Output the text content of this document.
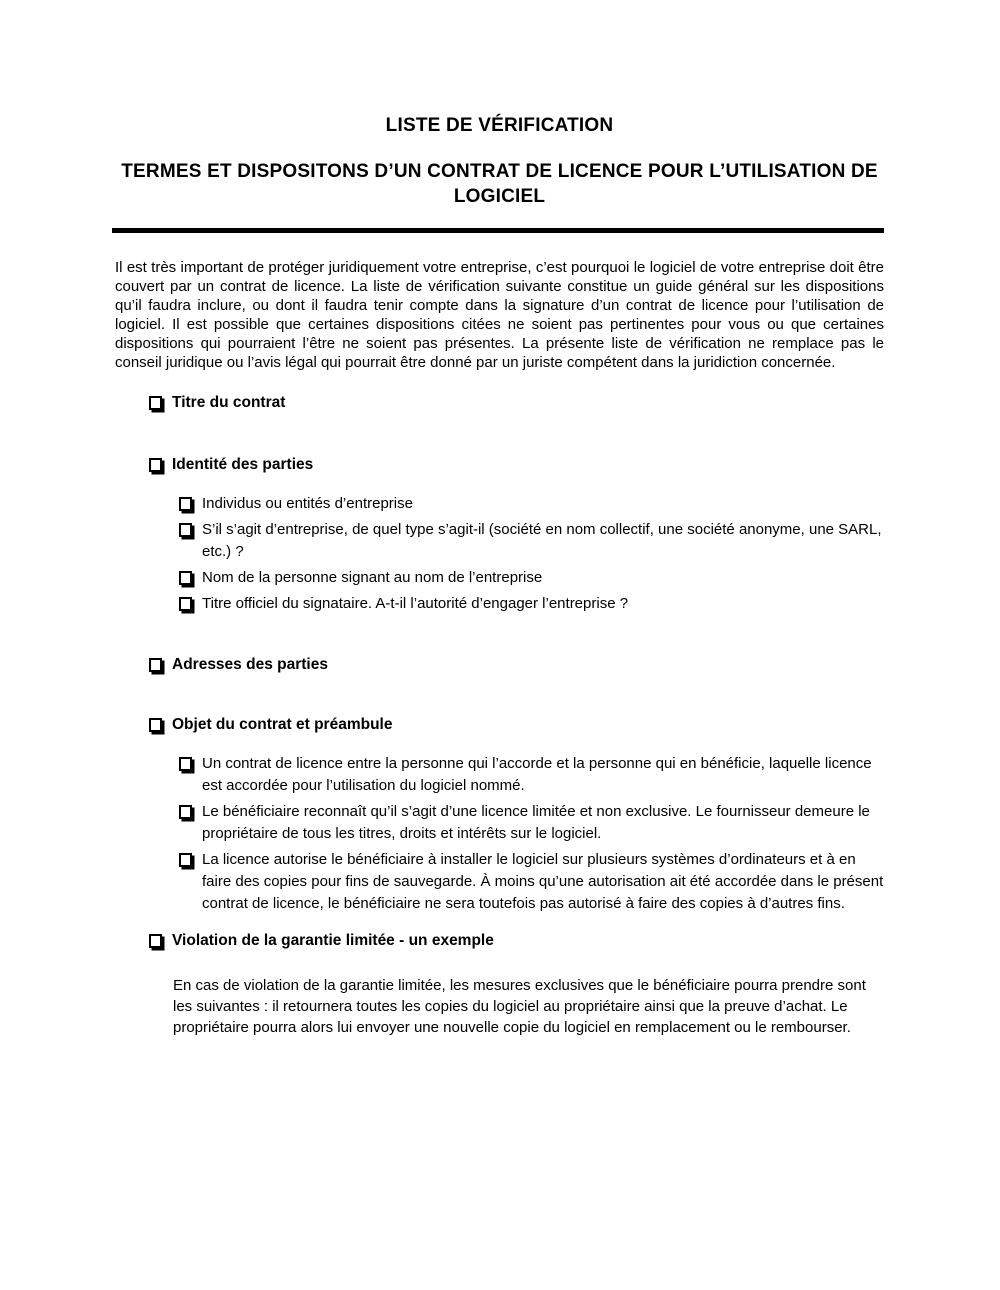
LISTE DE VÉRIFICATION
TERMES ET DISPOSITONS D’UN CONTRAT DE LICENCE POUR L’UTILISATION DE LOGICIEL

Il est très important de protéger juridiquement votre entreprise, c’est pourquoi le logiciel de votre entreprise doit être couvert par un contrat de licence. La liste de vérification suivante constitue un guide général sur les dispositions qu’il faudra inclure, ou dont il faudra tenir compte dans la signature d’un contrat de licence pour l’utilisation de logiciel. Il est possible que certaines dispositions citées ne soient pas pertinentes pour vous ou que certaines dispositions qui pourraient l’être ne soient pas présentes. La présente liste de vérification ne remplace pas le conseil juridique ou l’avis légal qui pourrait être donné par un juriste compétent dans la juridiction concernée.

Titre du contrat
Identité des parties
Individus ou entités d’entreprise
S’il s’agit d’entreprise, de quel type s’agit-il (société en nom collectif, une société anonyme, une SARL, etc.) ?
Nom de la personne signant au nom de l’entreprise
Titre officiel du signataire. A-t-il l’autorité d’engager l’entreprise ?
Adresses des parties
Objet du contrat et préambule
Un contrat de licence entre la personne qui l’accorde et la personne qui en bénéficie, laquelle licence est accordée pour l’utilisation du logiciel nommé.
Le bénéficiaire reconnaît qu’il s’agit d’une licence limitée et non exclusive. Le fournisseur demeure le propriétaire de tous les titres, droits et intérêts sur le logiciel.
La licence autorise le bénéficiaire à installer le logiciel sur plusieurs systèmes d’ordinateurs et à en faire des copies pour fins de sauvegarde. À moins qu’une autorisation ait été accordée dans le présent contrat de licence, le bénéficiaire ne sera toutefois pas autorisé à faire des copies à d’autres fins.
Violation de la garantie limitée - un exemple

En cas de violation de la garantie limitée, les mesures exclusives que le bénéficiaire pourra prendre sont les suivantes : il retournera toutes les copies du logiciel au propriétaire ainsi que la preuve d’achat. Le propriétaire pourra alors lui envoyer une nouvelle copie du logiciel en remplacement ou le rembourser.
